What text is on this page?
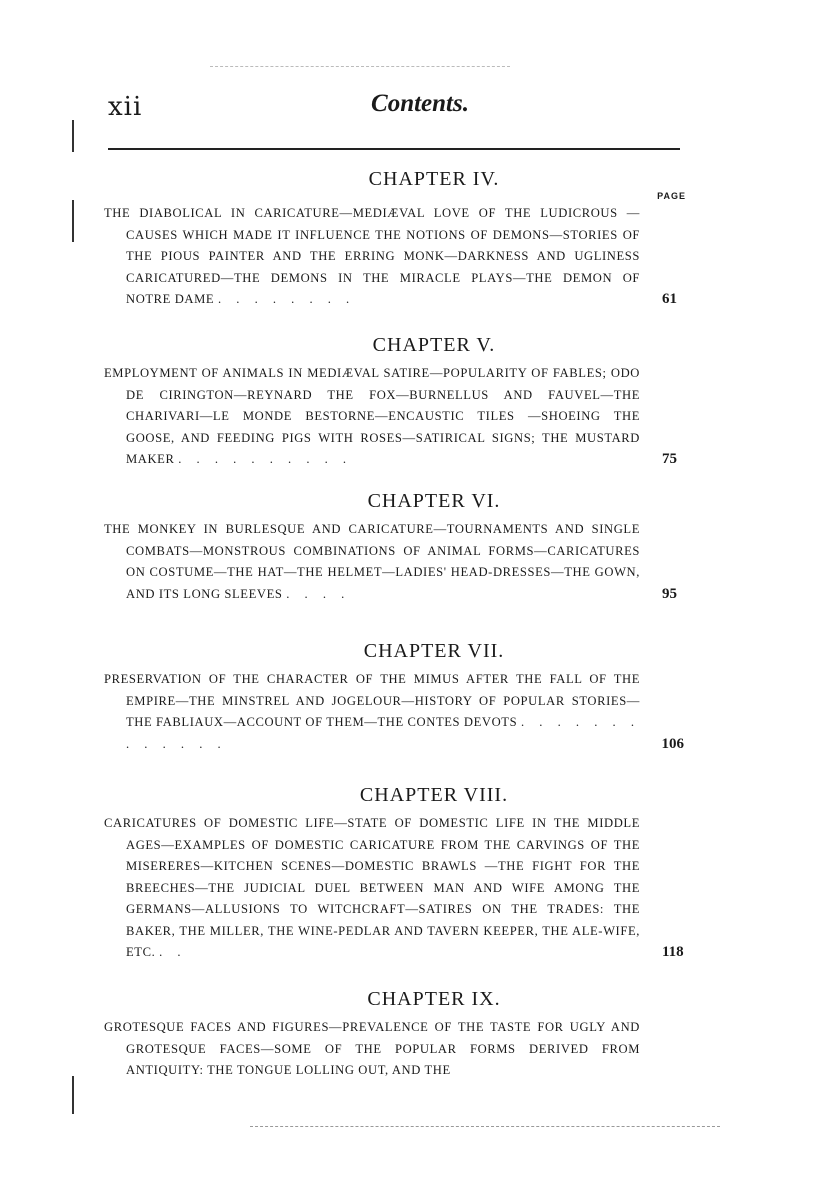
xii	Contents.
PAGE
CHAPTER IV.
THE DIABOLICAL IN CARICATURE—MEDIÆVAL LOVE OF THE LUDICROUS —CAUSES WHICH MADE IT INFLUENCE THE NOTIONS OF DEMONS—STORIES OF THE PIOUS PAINTER AND THE ERRING MONK—DARKNESS AND UGLINESS CARICATURED—THE DEMONS IN THE MIRACLE PLAYS—THE DEMON OF NOTRE DAME . . . . . . . .	61
CHAPTER V.
EMPLOYMENT OF ANIMALS IN MEDIÆVAL SATIRE—POPULARITY OF FABLES; ODO DE CIRINGTON—REYNARD THE FOX—BURNELLUS AND FAUVEL—THE CHARIVARI—LE MONDE BESTORNE—ENCAUSTIC TILES —SHOEING THE GOOSE, AND FEEDING PIGS WITH ROSES—SATIRICAL SIGNS; THE MUSTARD MAKER . . . . . . . . . .	75
CHAPTER VI.
THE MONKEY IN BURLESQUE AND CARICATURE—TOURNAMENTS AND SINGLE COMBATS—MONSTROUS COMBINATIONS OF ANIMAL FORMS—CARICATURES ON COSTUME—THE HAT—THE HELMET—LADIES' HEAD-DRESSES—THE GOWN, AND ITS LONG SLEEVES . . . .	95
CHAPTER VII.
PRESERVATION OF THE CHARACTER OF THE MIMUS AFTER THE FALL OF THE EMPIRE—THE MINSTREL AND JOGELOUR—HISTORY OF POPULAR STORIES—THE FABLIAUX—ACCOUNT OF THEM—THE CONTES DEVOTS . . . . . . . . . . . . .	106
CHAPTER VIII.
CARICATURES OF DOMESTIC LIFE—STATE OF DOMESTIC LIFE IN THE MIDDLE AGES—EXAMPLES OF DOMESTIC CARICATURE FROM THE CARVINGS OF THE MISERERES—KITCHEN SCENES—DOMESTIC BRAWLS —THE FIGHT FOR THE BREECHES—THE JUDICIAL DUEL BETWEEN MAN AND WIFE AMONG THE GERMANS—ALLUSIONS TO WITCHCRAFT—SATIRES ON THE TRADES: THE BAKER, THE MILLER, THE WINE-PEDLAR AND TAVERN KEEPER, THE ALE-WIFE, ETC. . .	118
CHAPTER IX.
GROTESQUE FACES AND FIGURES—PREVALENCE OF THE TASTE FOR UGLY AND GROTESQUE FACES—SOME OF THE POPULAR FORMS DERIVED FROM ANTIQUITY: THE TONGUE LOLLING OUT, AND THE
